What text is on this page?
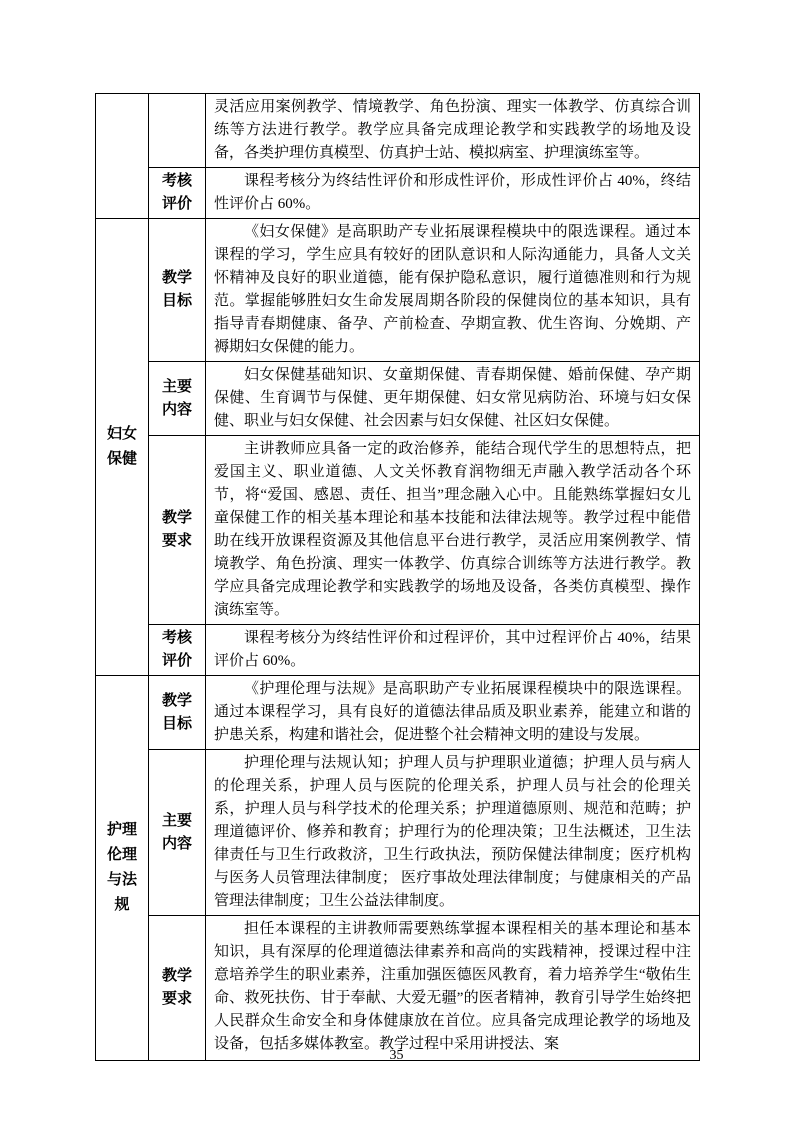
灵活应用案例教学、情境教学、角色扮演、理实一体教学、仿真综合训练等方法进行教学。教学应具备完成理论教学和实践教学的场地及设备，各类护理仿真模型、仿真护士站、模拟病室、护理演练室等。

考核评价

课程考核分为终结性评价和形成性评价，形成性评价占 40%，终结性评价占 60%。

妇女保健
教学目标

《妇女保健》是高职助产专业拓展课程模块中的限选课程。通过本课程的学习，学生应具有较好的团队意识和人际沟通能力，具备人文关怀精神及良好的职业道德，能有保护隐私意识，履行道德准则和行为规范。掌握能够胜妇女生命发展周期各阶段的保健岗位的基本知识，具有指导青春期健康、备孕、产前检查、孕期宣教、优生咨询、分娩期、产褥期妇女保健的能力。

主要内容

妇女保健基础知识、女童期保健、青春期保健、婚前保健、孕产期保健、生育调节与保健、更年期保健、妇女常见病防治、环境与妇女保健、职业与妇女保健、社会因素与妇女保健、社区妇女保健。

教学要求

主讲教师应具备一定的政治修养，能结合现代学生的思想特点，把爱国主义、职业道德、人文关怀教育润物细无声融入教学活动各个环节，将“爱国、感恩、责任、担当”理念融入心中。且能熟练掌握妇女儿童保健工作的相关基本理论和基本技能和法律法规等。教学过程中能借助在线开放课程资源及其他信息平台进行教学，灵活应用案例教学、情境教学、角色扮演、理实一体教学、仿真综合训练等方法进行教学。教学应具备完成理论教学和实践教学的场地及设备，各类仿真模型、操作演练室等。

考核评价

课程考核分为终结性评价和过程评价，其中过程评价占 40%，结果评价占 60%。

护理伦理与法规
教学目标

《护理伦理与法规》是高职助产专业拓展课程模块中的限选课程。通过本课程学习，具有良好的道德法律品质及职业素养，能建立和谐的护患关系，构建和谐社会，促进整个社会精神文明的建设与发展。

主要内容

护理伦理与法规认知；护理人员与护理职业道德；护理人员与病人的伦理关系，护理人员与医院的伦理关系，护理人员与社会的伦理关系，护理人员与科学技术的伦理关系；护理道德原则、规范和范畴；护理道德评价、修养和教育；护理行为的伦理决策；卫生法概述，卫生法律责任与卫生行政救济，卫生行政执法，预防保健法律制度；医疗机构与医务人员管理法律制度； 医疗事故处理法律制度；与健康相关的产品管理法律制度；卫生公益法律制度。

教学要求

担任本课程的主讲教师需要熟练掌握本课程相关的基本理论和基本知识，具有深厚的伦理道德法律素养和高尚的实践精神，授课过程中注意培养学生的职业素养，注重加强医德医风教育，着力培养学生“敬佑生命、救死扶伤、甘于奉献、大爱无疆”的医者精神，教育引导学生始终把人民群众生命安全和身体健康放在首位。应具备完成理论教学的场地及设备，包括多媒体教室。教学过程中采用讲授法、案

35
